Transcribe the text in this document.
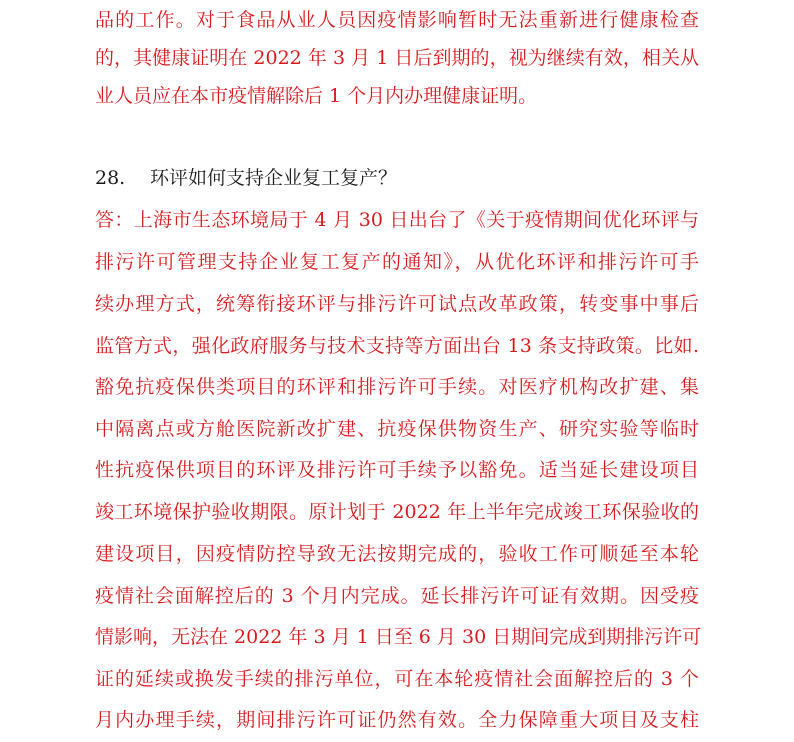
品的工作。对于食品从业人员因疫情影响暂时无法重新进行健康检查
的，其健康证明在 2022 年 3 月 1 日后到期的，视为继续有效，相关从
业人员应在本市疫情解除后 1 个月内办理健康证明。
28. 环评如何支持企业复工复产？
答：上海市生态环境局于 4 月 30 日出台了《关于疫情期间优化环评与
排污许可管理支持企业复工复产的通知》，从优化环评和排污许可手
续办理方式，统筹衔接环评与排污许可试点改革政策，转变事中事后
监管方式，强化政府服务与技术支持等方面出台 13 条支持政策。比如.
豁免抗疫保供类项目的环评和排污许可手续。对医疗机构改扩建、集
中隔离点或方舱医院新改扩建、抗疫保供物资生产、研究实验等临时
性抗疫保供项目的环评及排污许可手续予以豁免。适当延长建设项目
竣工环境保护验收期限。原计划于 2022 年上半年完成竣工环保验收的
建设项目，因疫情防控导致无法按期完成的，验收工作可顺延至本轮
疫情社会面解控后的 3 个月内完成。延长排污许可证有效期。因受疫
情影响，无法在 2022 年 3 月 1 日至 6 月 30 日期间完成到期排污许可
证的延续或换发手续的排污单位，可在本轮疫情社会面解控后的 3 个
月内办理手续，期间排污许可证仍然有效。全力保障重大项目及支柱
